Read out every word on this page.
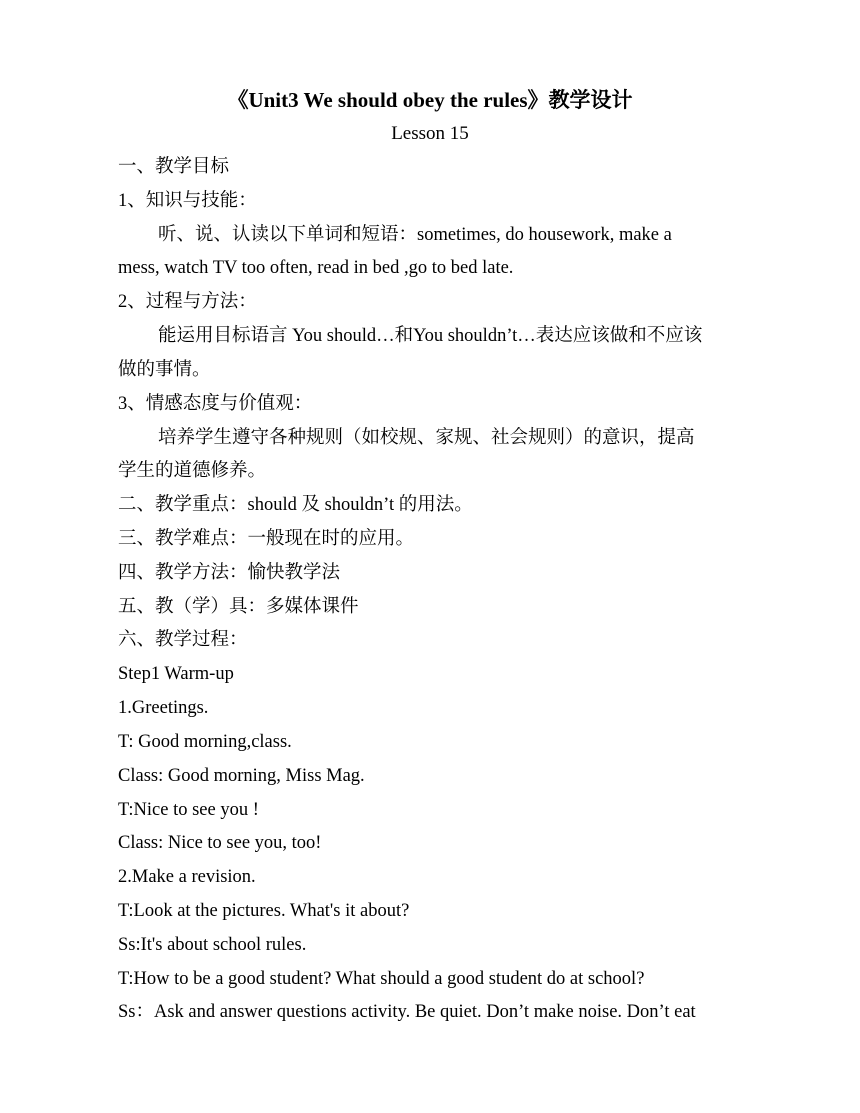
《Unit3 We should obey the rules》教学设计
Lesson 15
一、教学目标
1、知识与技能：
听、说、认读以下单词和短语：sometimes, do housework, make a
mess, watch TV too often, read in bed ,go to bed late.
2、过程与方法：
能运用目标语言 You should…和You shouldn’t…表达应该做和不应该
做的事情。
3、情感态度与价值观：
培养学生遵守各种规则（如校规、家规、社会规则）的意识，提高
学生的道德修养。
二、教学重点：should 及 shouldn’t 的用法。
三、教学难点：一般现在时的应用。
四、教学方法：愉快教学法
五、教（学）具：多媒体课件
六、教学过程：
Step1 Warm-up
1.Greetings.
T: Good morning,class.
Class: Good morning, Miss Mag.
T:Nice to see you !
Class: Nice to see you, too!
2.Make a revision.
T:Look at the pictures. What's it about?
Ss:It's about school rules.
T:How to be a good student? What should a good student do at school?
Ss：Ask and answer questions activity. Be quiet. Don’t make noise. Don’t eat
